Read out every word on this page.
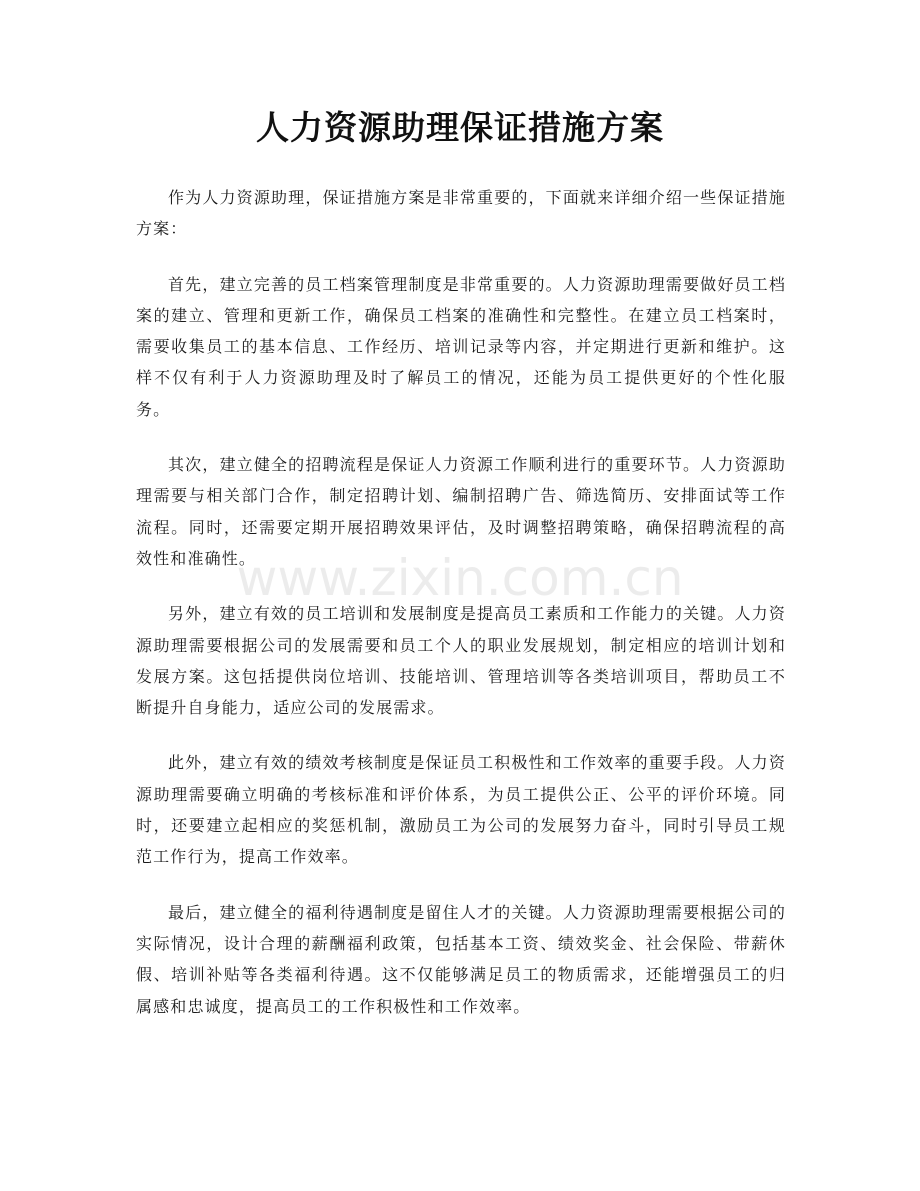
人力资源助理保证措施方案

作为人力资源助理，保证措施方案是非常重要的，下面就来详细介绍一些保证措施方案：

首先，建立完善的员工档案管理制度是非常重要的。人力资源助理需要做好员工档案的建立、管理和更新工作，确保员工档案的准确性和完整性。在建立员工档案时，需要收集员工的基本信息、工作经历、培训记录等内容，并定期进行更新和维护。这样不仅有利于人力资源助理及时了解员工的情况，还能为员工提供更好的个性化服务。

其次，建立健全的招聘流程是保证人力资源工作顺利进行的重要环节。人力资源助理需要与相关部门合作，制定招聘计划、编制招聘广告、筛选简历、安排面试等工作流程。同时，还需要定期开展招聘效果评估，及时调整招聘策略，确保招聘流程的高效性和准确性。

另外，建立有效的员工培训和发展制度是提高员工素质和工作能力的关键。人力资源助理需要根据公司的发展需要和员工个人的职业发展规划，制定相应的培训计划和发展方案。这包括提供岗位培训、技能培训、管理培训等各类培训项目，帮助员工不断提升自身能力，适应公司的发展需求。

此外，建立有效的绩效考核制度是保证员工积极性和工作效率的重要手段。人力资源助理需要确立明确的考核标准和评价体系，为员工提供公正、公平的评价环境。同时，还要建立起相应的奖惩机制，激励员工为公司的发展努力奋斗，同时引导员工规范工作行为，提高工作效率。

最后，建立健全的福利待遇制度是留住人才的关键。人力资源助理需要根据公司的实际情况，设计合理的薪酬福利政策，包括基本工资、绩效奖金、社会保险、带薪休假、培训补贴等各类福利待遇。这不仅能够满足员工的物质需求，还能增强员工的归属感和忠诚度，提高员工的工作积极性和工作效率。

www.zixin.com.cn
